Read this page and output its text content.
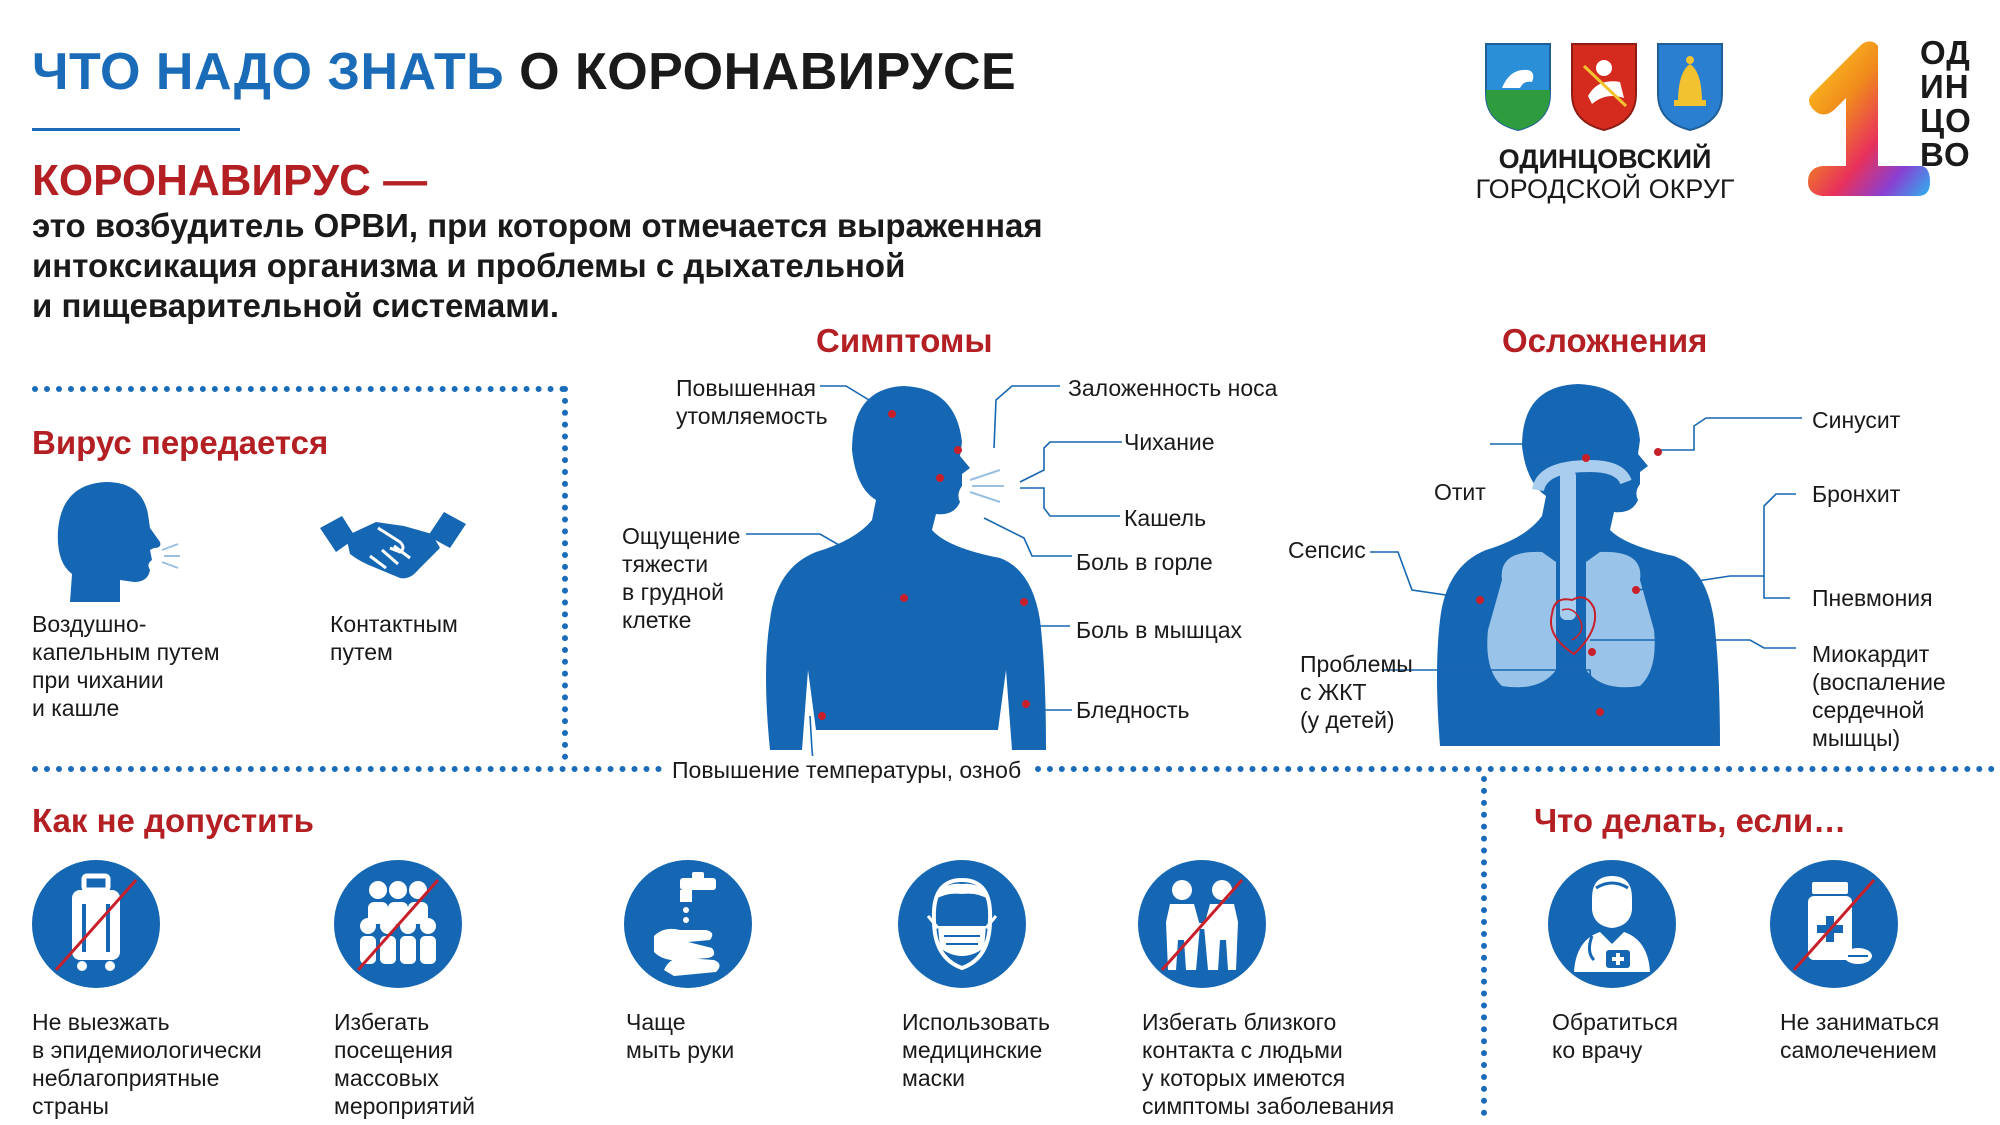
ЧТО НАДО ЗНАТЬ О КОРОНАВИРУСЕ
КОРОНАВИРУС —
это возбудитель ОРВИ, при котором отмечается выраженная
интоксикация организма и проблемы с дыхательной
и пищеварительной системами.
ОДИНЦОВСКИЙ
ГОРОДСКОЙ ОКРУГ
ОД
ИН
ЦО
ВО
Вирус передается
Воздушно-
капельным путем
при чихании
и кашле
Контактным
путем
Симптомы
Повышенная
утомляемость
Заложенность носа
Чихание
Кашель
Боль в горле
Ощущение
тяжести
в грудной
клетке	Боль в мышцах
Бледность
Повышение температуры, озноб
Осложнения
Синусит
Отит	Бронхит
Сепсис
Пневмония
Проблемы
с ЖКТ
(у детей)
Миокардит
(воспаление
сердечной
мышцы)
Как не допустить
Не выезжать
в эпидемиологически
неблагоприятные
страны
Избегать
посещения
массовых
мероприятий
Чаще
мыть руки
Использовать
медицинские
маски
Избегать близкого
контакта с людьми
у которых имеются
симптомы заболевания
Что делать, если…
Обратиться
ко врачу
Не заниматься
самолечением
